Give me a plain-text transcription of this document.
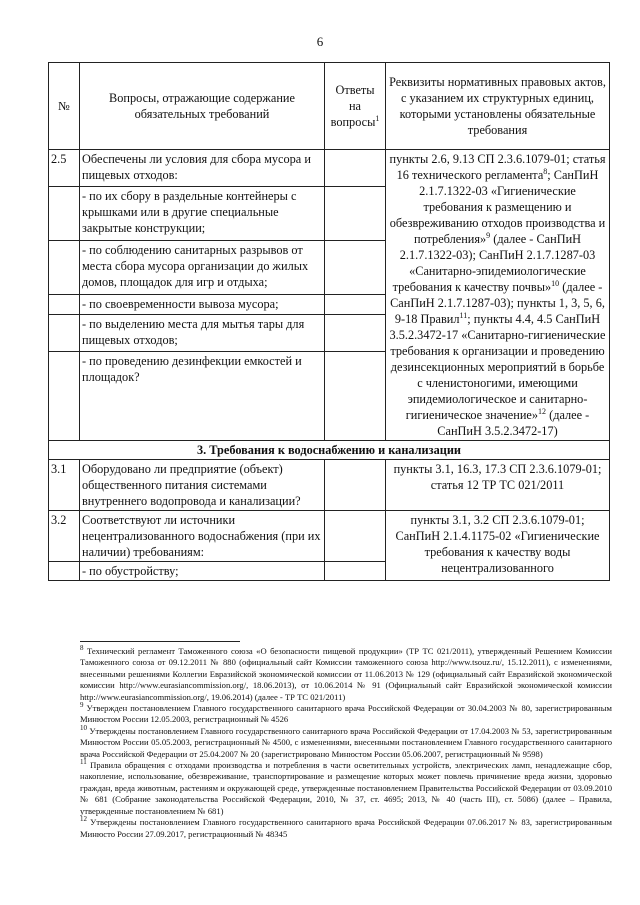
6
№	Вопросы, отражающие содержание обязательных требований	Ответы на вопросы$^1$	Реквизиты нормативных правовых актов, с указанием их структурных единиц, которыми установлены обязательные требования
2.5	Обеспечены ли условия для сбора мусора и пищевых отходов:		пункты 2.6, 9.13 СП 2.3.6.1079-01; статья 16 технического регламента$^8$; СанПиН 2.1.7.1322-03 «Гигиенические требования к размещению и обезвреживанию отходов производства и потребления»$^9$ (далее - СанПиН 2.1.7.1322-03); СанПиН 2.1.7.1287-03 «Санитарно-эпидемиологические требования к качеству почвы»$^{10}$ (далее - СанПиН 2.1.7.1287-03); пункты 1, 3, 5, 6, 9-18 Правил$^{11}$; пункты 4.4, 4.5 СанПиН 3.5.2.3472-17 «Санитарно-гигиенические требования к организации и проведению дезинсекционных мероприятий в борьбе с членистоногими, имеющими эпидемиологическое и санитарно-гигиеническое значение»$^{12}$ (далее - СанПиН 3.5.2.3472-17)
	- по их сбору в раздельные контейнеры с крышками или в другие специальные закрытые конструкции;		
	- по соблюдению санитарных разрывов от места сбора мусора организации до жилых домов, площадок для игр и отдыха;		
	- по своевременности вывоза мусора;		
	- по выделению места для мытья тары для пищевых отходов;		
	- по проведению дезинфекции емкостей и площадок?		
3. Требования к водоснабжению и канализации			
3.1	Оборудовано ли предприятие (объект) общественного питания системами внутреннего водопровода и канализации?		пункты 3.1, 16.3, 17.3 СП 2.3.6.1079-01; статья 12 ТР ТС 021/2011
3.2	Соответствуют ли источники нецентрализованного водоснабжения (при их наличии) требованиям:		пункты 3.1, 3.2 СП 2.3.6.1079-01; СанПиН 2.1.4.1175-02 «Гигиенические требования к качеству воды нецентрализованного
	- по обустройству;		

$^8$ Технический регламент Таможенного союза «О безопасности пищевой продукции» (ТР ТС 021/2011), утвержденный Решением Комиссии Таможенного союза от 09.12.2011 № 880 (официальный сайт Комиссии таможенного союза http://www.tsouz.ru/, 15.12.2011), с изменениями, внесенными решениями Коллегии Евразийской экономической комиссии от 11.06.2013 № 129 (официальный сайт Евразийской экономической комиссии http://www.eurasiancommission.org/, 18.06.2013), от 10.06.2014 № 91 (Официальный сайт Евразийской экономической комиссии http://www.eurasiancommission.org/, 19.06.2014) (далее - ТР ТС 021/2011)

$^9$ Утвержден постановлением Главного государственного санитарного врача Российской Федерации от 30.04.2003 № 80, зарегистрированным Минюстом России 12.05.2003, регистрационный № 4526

$^{10}$ Утверждены постановлением Главного государственного санитарного врача Российской Федерации от 17.04.2003 № 53, зарегистрированным Минюстом России 05.05.2003, регистрационный № 4500, с изменениями, внесенными постановлением Главного государственного санитарного врача Российской Федерации от 25.04.2007 № 20 (зарегистрировано Минюстом России 05.06.2007, регистрационный № 9598)

$^{11}$ Правила обращения с отходами производства и потребления в части осветительных устройств, электрических ламп, ненадлежащие сбор, накопление, использование, обезвреживание, транспортирование и размещение которых может повлечь причинение вреда жизни, здоровью граждан, вреда животным, растениям и окружающей среде, утвержденные постановлением Правительства Российской Федерации от 03.09.2010 № 681 (Собрание законодательства Российской Федерации, 2010, № 37, ст. 4695; 2013, № 40 (часть III), ст. 5086) (далее – Правила, утвержденные постановлением № 681)

$^{12}$ Утверждены постановлением Главного государственного санитарного врача Российской Федерации 07.06.2017 № 83, зарегистрированным Минюсто России 27.09.2017, регистрационный № 48345
